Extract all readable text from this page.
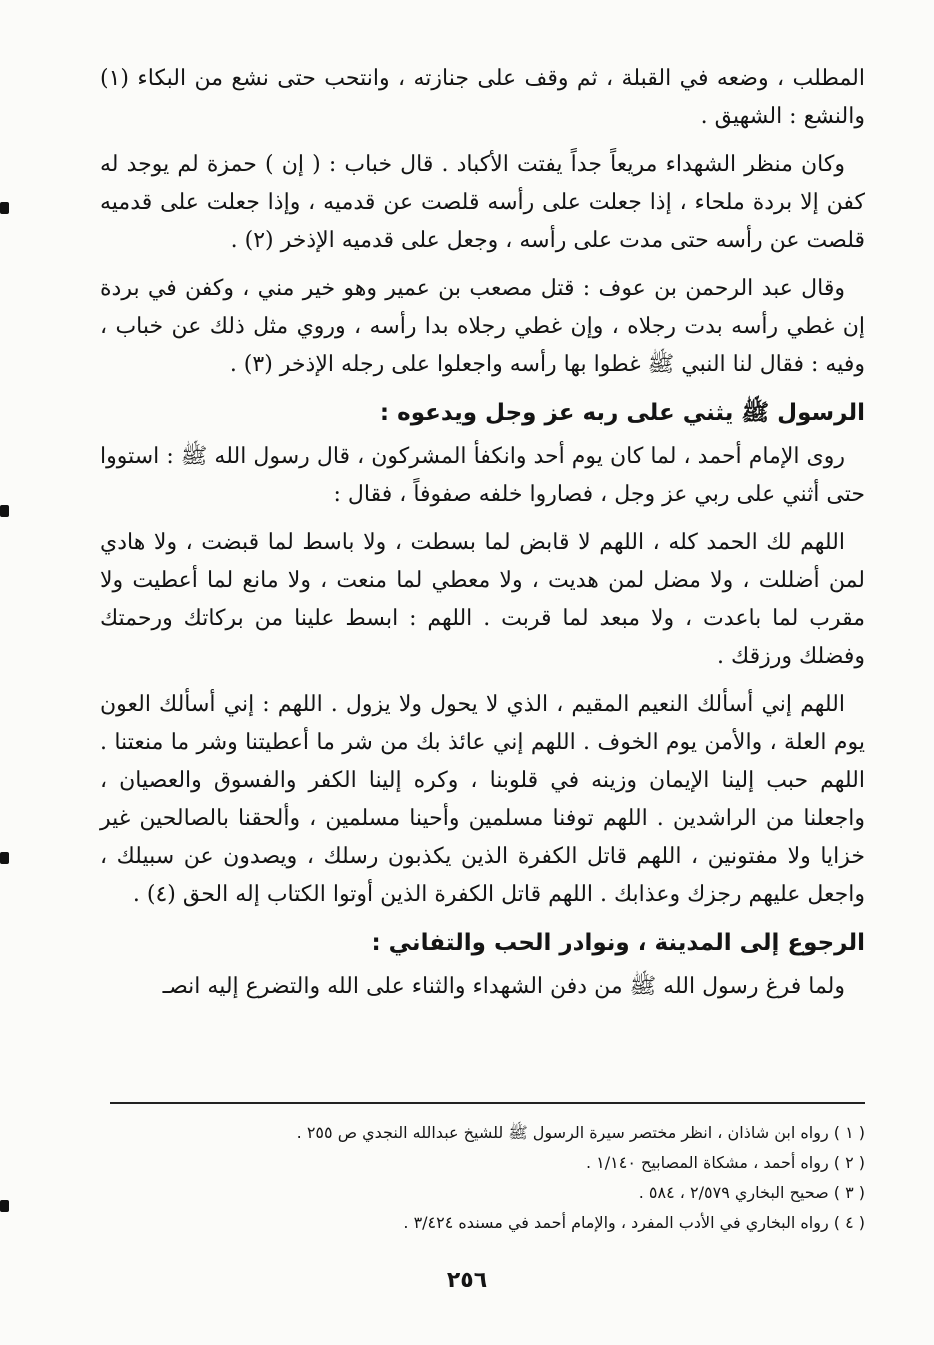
المطلب ، وضعه في القبلة ، ثم وقف على جنازته ، وانتحب حتى نشع من البكاء (١) والنشع : الشهيق .

وكان منظر الشهداء مريعاً جداً يفتت الأكباد . قال خباب : ( إن ) حمزة لم يوجد له كفن إلا بردة ملحاء ، إذا جعلت على رأسه قلصت عن قدميه ، وإذا جعلت على قدميه قلصت عن رأسه حتى مدت على رأسه ، وجعل على قدميه الإذخر (٢) .

وقال عبد الرحمن بن عوف : قتل مصعب بن عمير وهو خير مني ، وكفن في بردة إن غطي رأسه بدت رجلاه ، وإن غطي رجلاه بدا رأسه ، وروي مثل ذلك عن خباب ، وفيه : فقال لنا النبي ﷺ غطوا بها رأسه واجعلوا على رجله الإذخر (٣) .

الرسول ﷺ يثني على ربه عز وجل ويدعوه :

روى الإمام أحمد ، لما كان يوم أحد وانكفأ المشركون ، قال رسول الله ﷺ : استووا حتى أثني على ربي عز وجل ، فصاروا خلفه صفوفاً ، فقال :

اللهم لك الحمد كله ، اللهم لا قابض لما بسطت ، ولا باسط لما قبضت ، ولا هادي لمن أضللت ، ولا مضل لمن هديت ، ولا معطي لما منعت ، ولا مانع لما أعطيت ولا مقرب لما باعدت ، ولا مبعد لما قربت . اللهم : ابسط علينا من بركاتك ورحمتك وفضلك ورزقك .

اللهم إني أسألك النعيم المقيم ، الذي لا يحول ولا يزول . اللهم : إني أسألك العون يوم العلة ، والأمن يوم الخوف . اللهم إني عائذ بك من شر ما أعطيتنا وشر ما منعتنا . اللهم حبب إلينا الإيمان وزينه في قلوبنا ، وكره إلينا الكفر والفسوق والعصيان ، واجعلنا من الراشدين . اللهم توفنا مسلمين وأحينا مسلمين ، وألحقنا بالصالحين غير خزايا ولا مفتونين ، اللهم قاتل الكفرة الذين يكذبون رسلك ، ويصدون عن سبيلك ، واجعل عليهم رجزك وعذابك . اللهم قاتل الكفرة الذين أوتوا الكتاب إله الحق (٤) .

الرجوع إلى المدينة ، ونوادر الحب والتفاني :

ولما فرغ رسول الله ﷺ من دفن الشهداء والثناء على الله والتضرع إليه انصـ

( ١ ) رواه ابن شاذان ، انظر مختصر سيرة الرسول ﷺ للشيخ عبدالله النجدي ص ٢٥٥ .

( ٢ ) رواه أحمد ، مشكاة المصابيح ١/١٤٠ .

( ٣ ) صحيح البخاري ٢/٥٧٩ ، ٥٨٤ .

( ٤ ) رواه البخاري في الأدب المفرد ، والإمام أحمد في مسنده ٣/٤٢٤ .

٢٥٦
